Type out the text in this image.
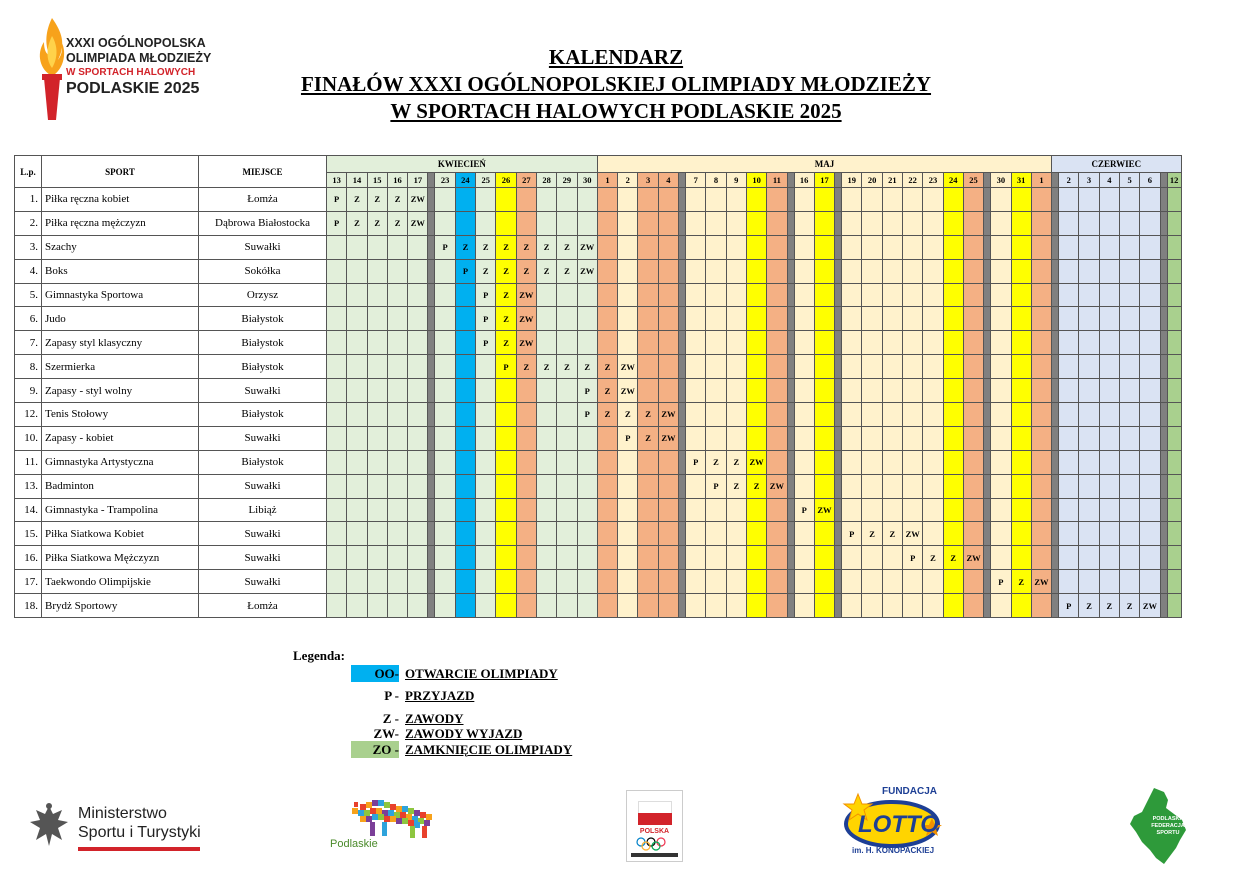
XXXI OGÓLNOPOLSKA
OLIMPIADA MŁODZIEŻY
W SPORTACH HALOWYCH
PODLASKIE 2025
KALENDARZ
FINAŁÓW XXXI OGÓLNOPOLSKIEJ OLIMPIADY MŁODZIEŻY
W SPORTACH HALOWYCH PODLASKIE 2025
L.p.	SPORT	MIEJSCE	KWIECIEŃ														MAJ																									CZERWIEC							
			13	14	15	16	17		23	24	25	26	27	28	29	30	1	2	3	4		7	8	9	10	11		16	17		19	20	21	22	23	24	25		30	31	1		2	3	4	5	6		12
1.	Piłka ręczna kobiet	Łomża	P	Z	Z	Z	ZW																																										
2.	Piłka ręczna mężczyzn	Dąbrowa Białostocka	P	Z	Z	Z	ZW																																										
3.	Szachy	Suwałki							P	Z	Z	Z	Z	Z	Z	ZW																																	
4.	Boks	Sokółka								P	Z	Z	Z	Z	Z	ZW																																	
5.	Gimnastyka Sportowa	Orzysz									P	Z	ZW																																				
6.	Judo	Białystok									P	Z	ZW																																				
7.	Zapasy styl klasyczny	Białystok									P	Z	ZW																																				
8.	Szermierka	Białystok										P	Z	Z	Z	Z	Z	ZW																															
9.	Zapasy - styl wolny	Suwałki														P	Z	ZW																															
12.	Tenis Stołowy	Białystok														P	Z	Z	Z	ZW																													
10.	Zapasy - kobiet	Suwałki																P	Z	ZW																													
11.	Gimnastyka Artystyczna	Białystok																				P	Z	Z	ZW																								
13.	Badminton	Suwałki																					P	Z	Z	ZW																							
14.	Gimnastyka - Trampolina	Libiąż																										P	ZW																				
15.	Piłka Siatkowa Kobiet	Suwałki																													P	Z	Z	ZW															
16.	Piłka Siatkowa Mężczyzn	Suwałki																																P	Z	Z	ZW												
17.	Taekwondo Olimpijskie	Suwałki																																					P	Z	ZW								
18.	Brydż Sportowy	Łomża																																									P	Z	Z	Z	ZW		
Legenda:
OO- OTWARCIE OLIMPIADY
P - PRZYJAZD
Z - ZAWODY
ZW- ZAWODY WYJAZD
ZO - ZAMKNIĘCIE OLIMPIADY
Ministerstwo
Sportu i Turystyki
Podlaskie
POLSKA
FUNDACJA
LOTTO
im. H. KONOPACKIEJ
PODLASKA
FEDERACJA
SPORTU
